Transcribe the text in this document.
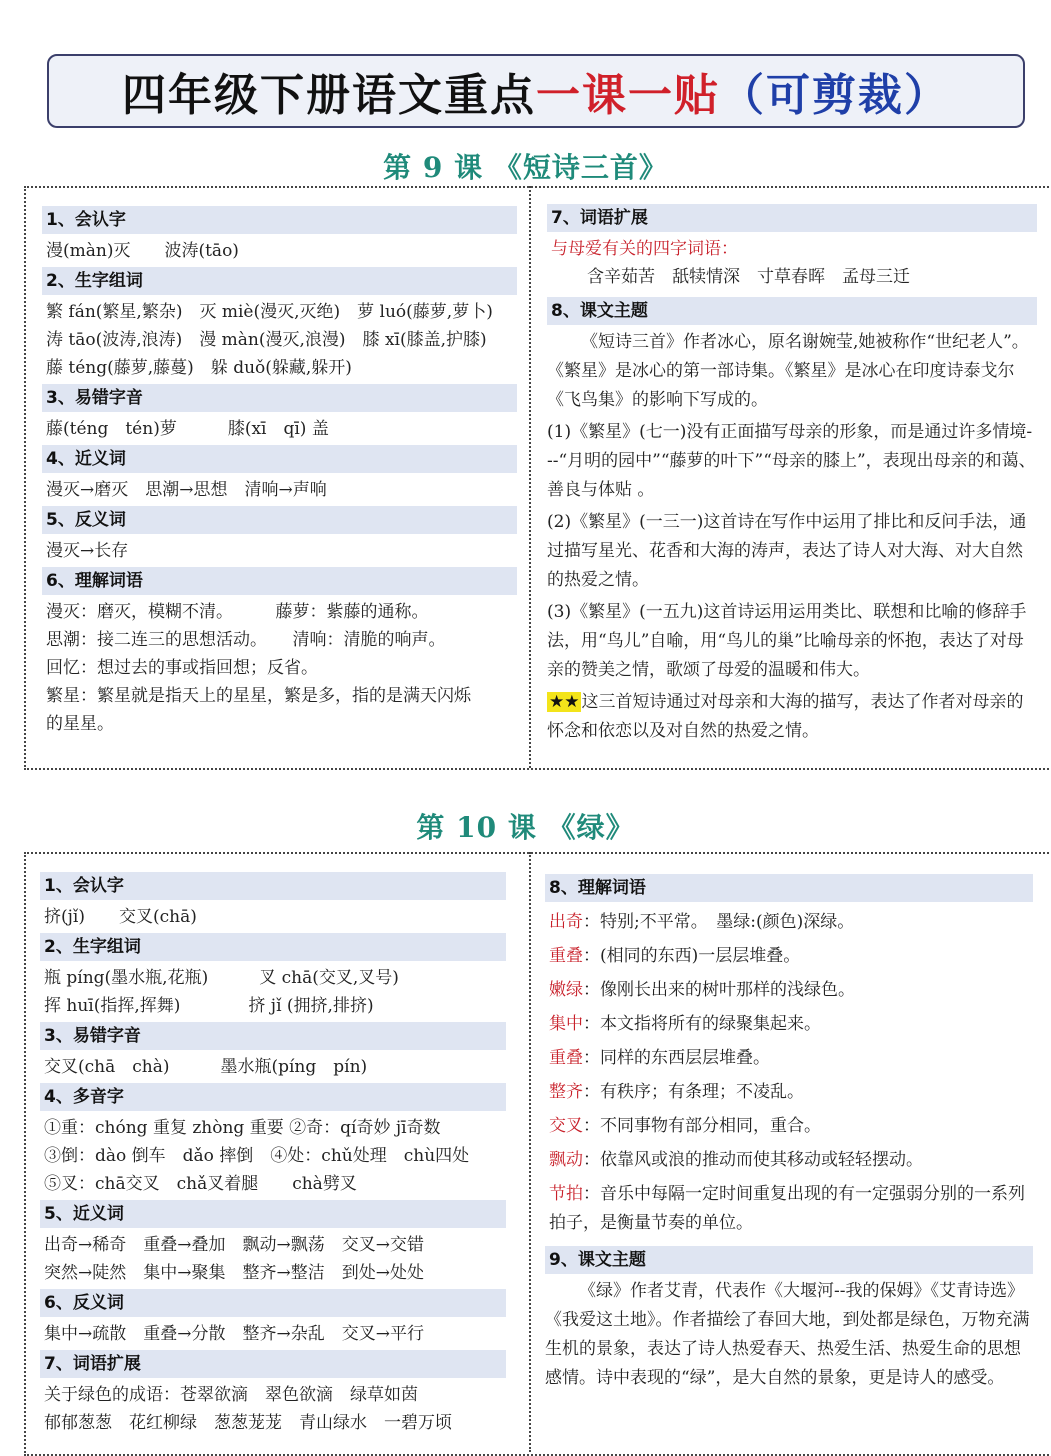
四年级下册语文重点 一课一贴 （可剪裁）
第 9 课 《短诗三首》
1、会认字
漫(màn)灭　　波涛(tāo)
2、生字组词
繁 fán(繁星,繁杂)　灭 miè(漫灭,灭绝)　萝 luó(藤萝,萝卜)
涛 tāo(波涛,浪涛)　漫 màn(漫灭,浪漫)　膝 xī(膝盖,护膝)
藤 téng(藤萝,藤蔓)　躲 duǒ(躲藏,躲开)
3、易错字音
藤(téng　tén)萝　　　膝(xī　qī) 盖
4、近义词
漫灭→磨灭　思潮→思想　清响→声响
5、反义词
漫灭→长存
6、理解词语
漫灭：磨灭，模糊不清。　　　藤萝：紫藤的通称。
思潮：接二连三的思想活动。　　清响：清脆的响声。
回忆：想过去的事或指回想；反省。
繁星：繁星就是指天上的星星，繁是多，指的是满天闪烁
的星星。
7、词语扩展
与母爱有关的四字词语：
含辛茹苦　舐犊情深　寸草春晖　孟母三迁
8、课文主题
《短诗三首》作者冰心，原名谢婉莹,她被称作“世纪老人”。《繁星》是冰心的第一部诗集。《繁星》是冰心在印度诗泰戈尔《飞鸟集》的影响下写成的。
(1)《繁星》(七一)没有正面描写母亲的形象，而是通过许多情境---“月明的园中”“藤萝的叶下”“母亲的膝上”，表现出母亲的和蔼、善良与体贴 。
(2)《繁星》(一三一)这首诗在写作中运用了排比和反问手法，通过描写星光、花香和大海的涛声，表达了诗人对大海、对大自然的热爱之情。
(3)《繁星》(一五九)这首诗运用运用类比、联想和比喻的修辞手法，用“鸟儿”自喻，用“鸟儿的巢”比喻母亲的怀抱，表达了对母亲的赞美之情，歌颂了母爱的温暖和伟大。
★★ 这三首短诗通过对母亲和大海的描写，表达了作者对母亲的怀念和依恋以及对自然的热爱之情。
第 10 课 《绿》
1、会认字
挤(jǐ)　　交叉(chā)
2、生字组词
瓶 píng(墨水瓶,花瓶)　　　叉 chā(交叉,叉号)
挥 huī(指挥,挥舞)　　　　挤 jǐ (拥挤,排挤)
3、易错字音
交叉(chā　chà)　　　墨水瓶(píng　pín)
4、多音字
①重：chóng 重复 zhòng 重要 ②奇：qí奇妙 jī奇数
③倒：dào 倒车　dǎo 摔倒　④处：chǔ处理　chù四处
⑤叉：chā交叉　chǎ叉着腿　　chà劈叉
5、近义词
出奇→稀奇　重叠→叠加　飘动→飘荡　交叉→交错
突然→陡然　集中→聚集　整齐→整洁　到处→处处
6、反义词
集中→疏散　重叠→分散　整齐→杂乱　交叉→平行
7、词语扩展
关于绿色的成语：苍翠欲滴　翠色欲滴　绿草如茵
郁郁葱葱　花红柳绿　葱葱茏茏　青山绿水　一碧万顷
8、理解词语
出奇：特别;不平常。　墨绿:(颜色)深绿。
重叠：(相同的东西)一层层堆叠。
嫩绿：像刚长出来的树叶那样的浅绿色。
集中：本文指将所有的绿聚集起来。
重叠：同样的东西层层堆叠。
整齐：有秩序；有条理；不凌乱。
交叉：不同事物有部分相同，重合。
飘动：依靠风或浪的推动而使其移动或轻轻摆动。
节拍：音乐中每隔一定时间重复出现的有一定强弱分别的一系列拍子，是衡量节奏的单位。
9、课文主题
《绿》作者艾青，代表作《大堰河--我的保姆》《艾青诗选》《我爱这土地》。作者描绘了春回大地，到处都是绿色，万物充满生机的景象，表达了诗人热爱春天、热爱生活、热爱生命的思想感情。诗中表现的“绿”，是大自然的景象，更是诗人的感受。
